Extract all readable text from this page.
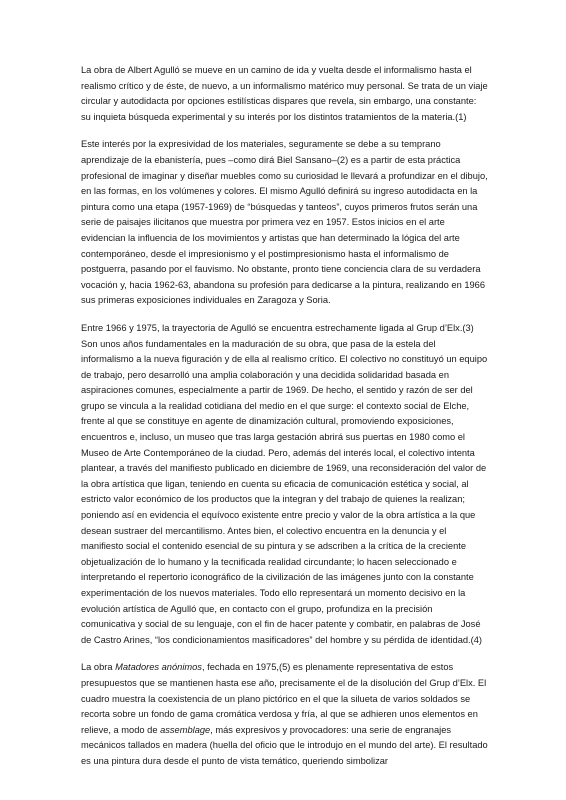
La obra de Albert Agulló se mueve en un camino de ida y vuelta desde el informalismo hasta el realismo crítico y de éste, de nuevo, a un informalismo matérico muy personal. Se trata de un viaje circular y autodidacta por opciones estilísticas dispares que revela, sin embargo, una constante: su inquieta búsqueda experimental y su interés por los distintos tratamientos de la materia.(1)

Este interés por la expresividad de los materiales, seguramente se debe a su temprano aprendizaje de la ebanistería, pues –como dirá Biel Sansano–(2) es a partir de esta práctica profesional de imaginar y diseñar muebles como su curiosidad le llevará a profundizar en el dibujo, en las formas, en los volúmenes y colores. El mismo Agulló definirá su ingreso autodidacta en la pintura como una etapa (1957-1969) de “búsquedas y tanteos”, cuyos primeros frutos serán una serie de paisajes ilicitanos que muestra por primera vez en 1957. Estos inicios en el arte evidencian la influencia de los movimientos y artistas que han determinado la lógica del arte contemporáneo, desde el impresionismo y el postimpresionismo hasta el informalismo de postguerra, pasando por el fauvismo. No obstante, pronto tiene conciencia clara de su verdadera vocación y, hacia 1962-63, abandona su profesión para dedicarse a la pintura, realizando en 1966 sus primeras exposiciones individuales en Zaragoza y Soria.

Entre 1966 y 1975, la trayectoria de Agulló se encuentra estrechamente ligada al Grup d’Elx.(3) Son unos años fundamentales en la maduración de su obra, que pasa de la estela del informalismo a la nueva figuración y de ella al realismo crítico. El colectivo no constituyó un equipo de trabajo, pero desarrolló una amplia colaboración y una decidida solidaridad basada en aspiraciones comunes, especialmente a partir de 1969. De hecho, el sentido y razón de ser del grupo se vincula a la realidad cotidiana del medio en el que surge: el contexto social de Elche, frente al que se constituye en agente de dinamización cultural, promoviendo exposiciones, encuentros e, incluso, un museo que tras larga gestación abrirá sus puertas en 1980 como el Museo de Arte Contemporáneo de la ciudad. Pero, además del interés local, el colectivo intenta plantear, a través del manifiesto publicado en diciembre de 1969, una reconsideración del valor de la obra artística que ligan, teniendo en cuenta su eficacia de comunicación estética y social, al estricto valor económico de los productos que la integran y del trabajo de quienes la realizan; poniendo así en evidencia el equívoco existente entre precio y valor de la obra artística a la que desean sustraer del mercantilismo. Antes bien, el colectivo encuentra en la denuncia y el manifiesto social el contenido esencial de su pintura y se adscriben a la crítica de la creciente objetualización de lo humano y la tecnificada realidad circundante; lo hacen seleccionado e interpretando el repertorio iconográfico de la civilización de las imágenes junto con la constante experimentación de los nuevos materiales. Todo ello representará un momento decisivo en la evolución artística de Agulló que, en contacto con el grupo, profundiza en la precisión comunicativa y social de su lenguaje, con el fin de hacer patente y combatir, en palabras de José de Castro Arines, “los condicionamientos masificadores” del hombre y su pérdida de identidad.(4)

La obra Matadores anónimos, fechada en 1975,(5) es plenamente representativa de estos presupuestos que se mantienen hasta ese año, precisamente el de la disolución del Grup d’Elx. El cuadro muestra la coexistencia de un plano pictórico en el que la silueta de varios soldados se recorta sobre un fondo de gama cromática verdosa y fría, al que se adhieren unos elementos en relieve, a modo de assemblage, más expresivos y provocadores: una serie de engranajes mecánicos tallados en madera (huella del oficio que le introdujo en el mundo del arte). El resultado es una pintura dura desde el punto de vista temático, queriendo simbolizar
